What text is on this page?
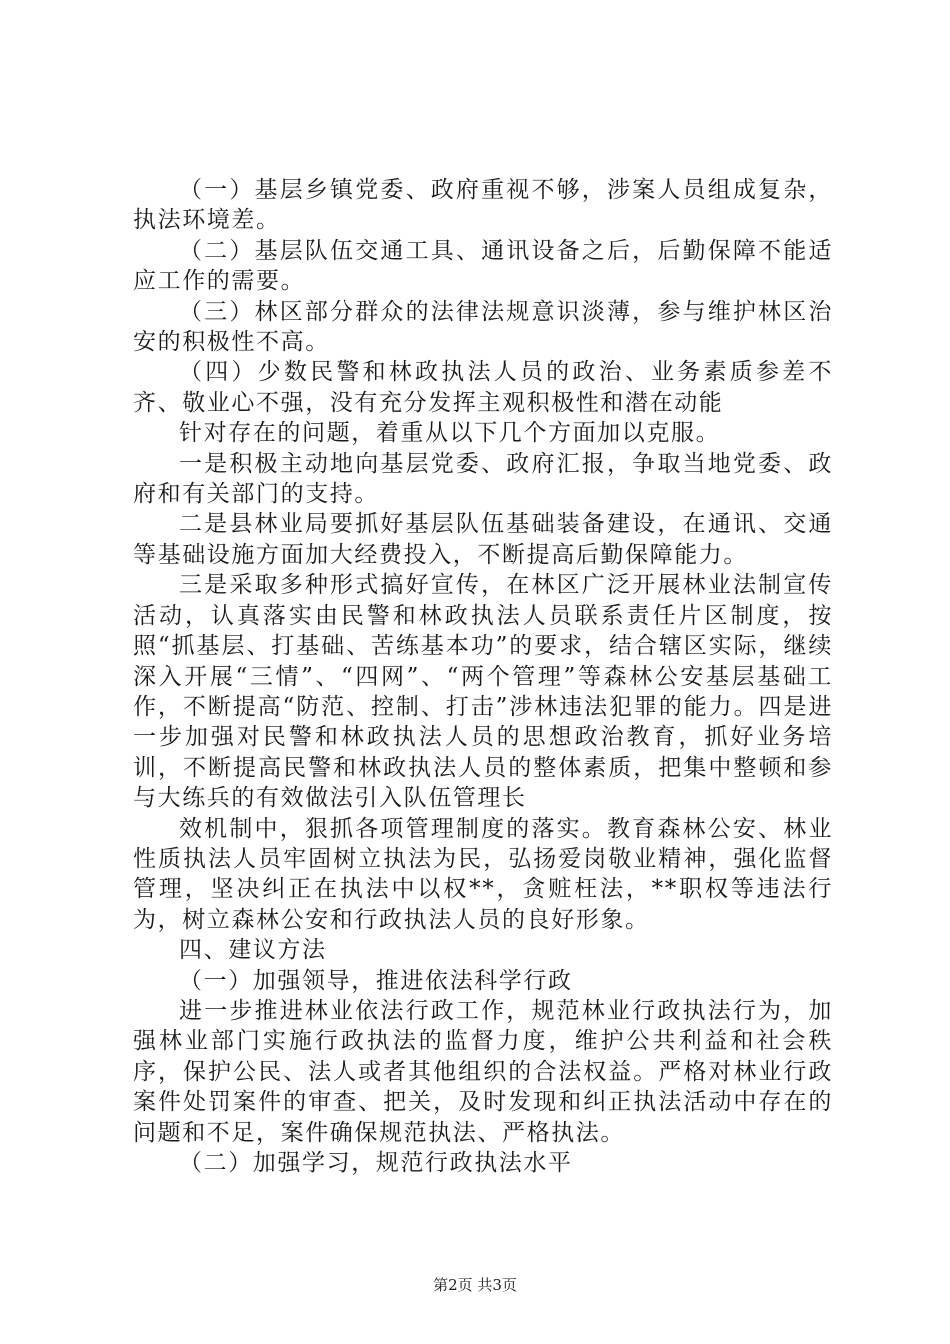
（一）基层乡镇党委、政府重视不够，涉案人员组成复杂，执法环境差。

（二）基层队伍交通工具、通讯设备之后，后勤保障不能适应工作的需要。

（三）林区部分群众的法律法规意识淡薄，参与维护林区治安的积极性不高。

（四）少数民警和林政执法人员的政治、业务素质参差不齐、敬业心不强，没有充分发挥主观积极性和潜在动能

针对存在的问题，着重从以下几个方面加以克服。

一是积极主动地向基层党委、政府汇报，争取当地党委、政府和有关部门的支持。

二是县林业局要抓好基层队伍基础装备建设，在通讯、交通等基础设施方面加大经费投入，不断提高后勤保障能力。

三是采取多种形式搞好宣传，在林区广泛开展林业法制宣传活动，认真落实由民警和林政执法人员联系责任片区制度，按照“抓基层、打基础、苦练基本功”的要求，结合辖区实际，继续深入开展“三情”、“四网”、“两个管理”等森林公安基层基础工作，不断提高“防范、控制、打击”涉林违法犯罪的能力。四是进一步加强对民警和林政执法人员的思想政治教育，抓好业务培训，不断提高民警和林政执法人员的整体素质，把集中整顿和参与大练兵的有效做法引入队伍管理长

效机制中，狠抓各项管理制度的落实。教育森林公安、林业性质执法人员牢固树立执法为民，弘扬爱岗敬业精神，强化监督管理，坚决纠正在执法中以权**，贪赃枉法，**职权等违法行为，树立森林公安和行政执法人员的良好形象。

四、建议方法

（一）加强领导，推进依法科学行政

进一步推进林业依法行政工作，规范林业行政执法行为，加强林业部门实施行政执法的监督力度，维护公共利益和社会秩序，保护公民、法人或者其他组织的合法权益。严格对林业行政案件处罚案件的审查、把关，及时发现和纠正执法活动中存在的问题和不足，案件确保规范执法、严格执法。

（二）加强学习，规范行政执法水平

第2页 共3页
